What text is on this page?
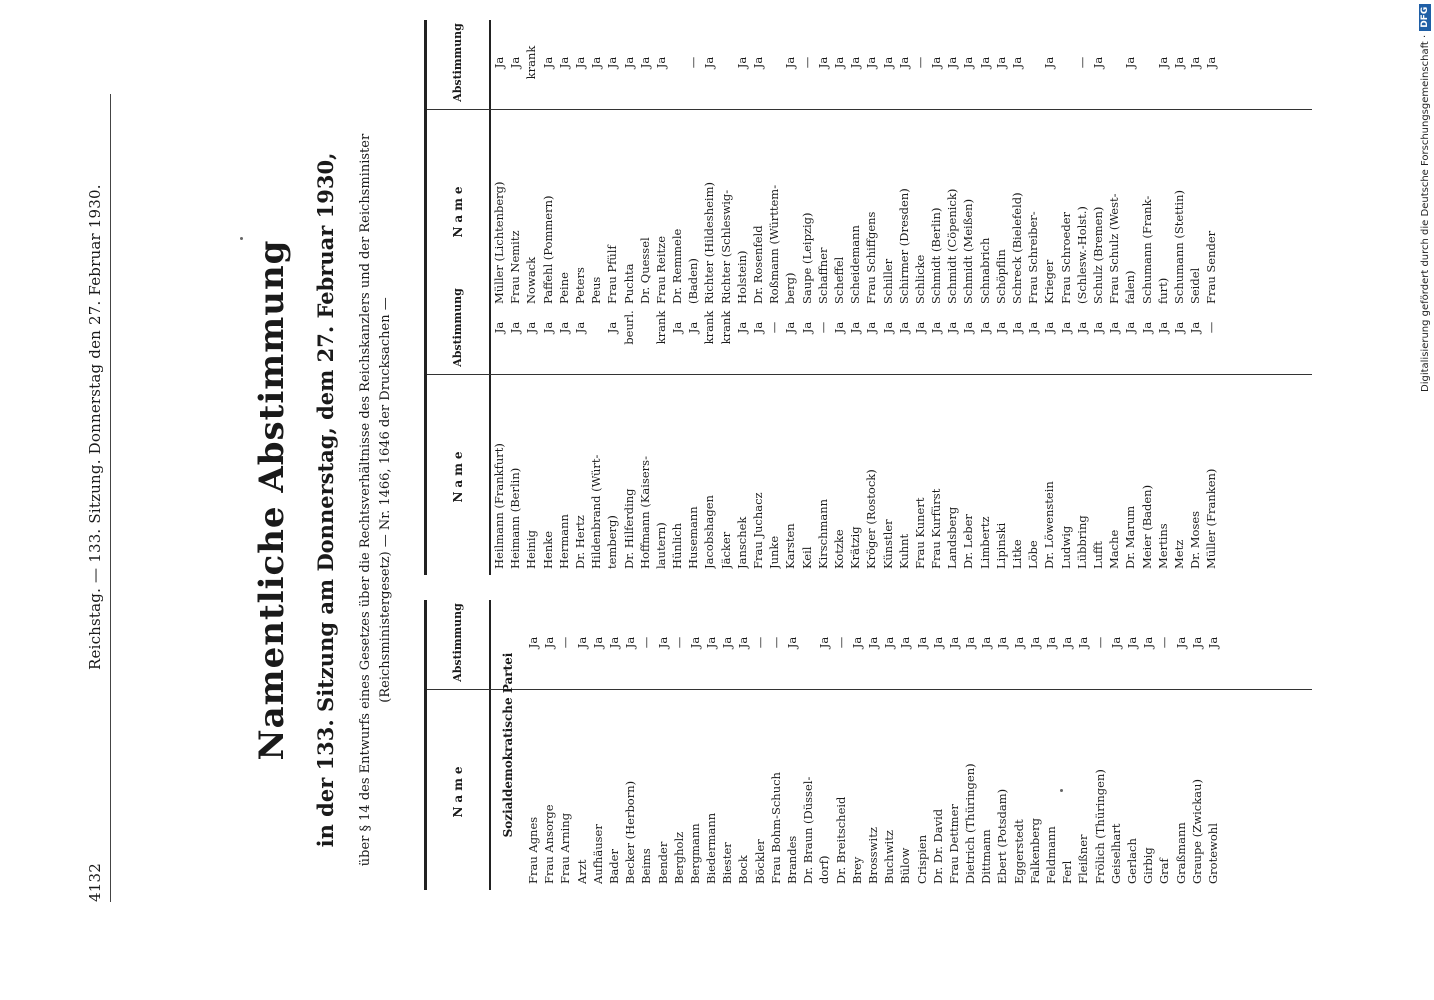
4132
Reichstag. — 133. Sitzung. Donnerstag den 27. Februar 1930.	Namentliche Abstimmung in der 133. Sitzung am Donnerstag, dem 27. Februar 1930, über § 14 des Entwurfs eines Gesetzes über die Rechtsverhältnisse des Reichskanzlers und der Reichsminister (Reichsministergesetz) — Nr. 1466, 1646 der Drucksachen —
Name
Abstimmung
Sozialdemokratische Partei
Frau Agnes
Ja
Frau Ansorge
Ja
Frau Arning
—
Arzt
Ja
Aufhäuser
Ja
Bader
Ja
Becker (Herborn)
Ja
Beims
—
Bender
Ja
Bergholz
—
Bergmann
Ja
Biedermann
Ja
Biester
Ja
Bock
Ja
Böckler
—
Frau Bohm-Schuch
—
Brandes
Ja
Dr. Braun (Düssel- dorf)
Ja
Dr. Breitscheid
—
Brey
Ja
Brosswitz
Ja
Buchwitz
Ja
Bülow
Ja
Crispien
Ja
Dr. Dr. David
Ja
Frau Dettmer
Ja
Dietrich (Thüringen)
Ja
Dittmann
Ja
Ebert (Potsdam)
Ja
Eggerstedt
Ja
Falkenberg
Ja
Feldmann
Ja
Ferl
Ja
Fleißner
Ja
Frölich (Thüringen)
—
Geiselhart
Ja
Gerlach
Ja
Girbig
Ja
Graf
—
Graßmann
Ja
Graupe (Zwickau)
Ja
Grotewohl
Ja
Name
Abstimmung
Heilmann (Frankfurt)
Ja
Heimann (Berlin)
Ja
Heinig
Ja
Henke
Ja
Hermann
Ja
Dr. Hertz
Ja
Hildenbrand (Würt- temberg)
Ja
Dr. Hilferding
beurl.
Hoffmann (Kaisers- lautern)
krank
Hünlich
Ja
Husemann
Ja
Jacobshagen
krank
Jäcker
krank
Janschek
Ja
Frau Juchacz
Ja
Junke
—
Karsten
Ja
Keil
Ja
Kirschmann
—
Kotzke
Ja
Krätzig
Ja
Kröger (Rostock)
Ja
Künstler
Ja
Kuhnt
Ja
Frau Kunert
Ja
Frau Kurfürst
Ja
Landsberg
Ja
Dr. Leber
Ja
Limbertz
Ja
Lipinski
Ja
Litke
Ja
Löbe
Ja
Dr. Löwenstein
Ja
Ludwig
Ja
Lübbring
Ja
Lufft
Ja
Mache
Ja
Dr. Marum
Ja
Meier (Baden)
Ja
Mertins
Ja
Metz
Ja
Dr. Moses
Ja
Müller (Franken)
—
Name
Abstimmung
Müller (Lichtenberg)
Ja
Frau Nemitz
Ja
Nowack
krank
Paffehl (Pommern)
Ja
Peine
Ja
Peters
Ja
Peus
Ja
Frau Pfülf
Ja
Puchta
Ja
Dr. Quessel
Ja
Frau Reitze
Ja
Dr. Remmele (Baden)
—
Richter (Hildesheim)
Ja
Richter (Schleswig- Holstein)
Ja
Dr. Rosenfeld
Ja
Roßmann (Württem- berg)
Ja
Saupe (Leipzig)
—
Schaffner
Ja
Scheffel
Ja
Scheidemann
Ja
Frau Schiffgens
Ja
Schiller
Ja
Schirmer (Dresden)
Ja
Schlicke
—
Schmidt (Berlin)
Ja
Schmidt (Cöpenick)
Ja
Schmidt (Meißen)
Ja
Schnabrich
Ja
Schöpflin
Ja
Schreck (Bielefeld)
Ja
Frau Schreiber- Krieger
Ja
Frau Schroeder (Schlesw.-Holst.)
—
Schulz (Bremen)
Ja
Frau Schulz (West- falen)
Ja
Schumann (Frank- furt)
Ja
Schumann (Stettin)
Ja
Seidel
Ja
Frau Sender
Ja	Digitalisierung gefördert durch die Deutsche Forschungsgemeinschaft ·DFG
